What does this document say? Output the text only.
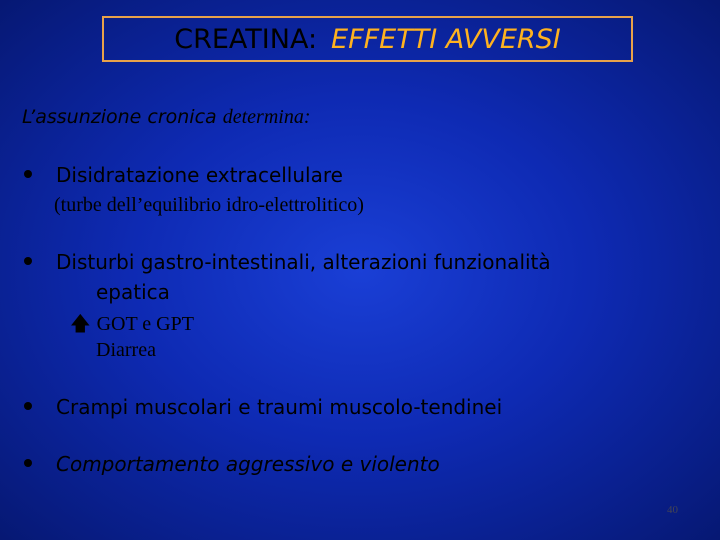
CREATINA: EFFETTI AVVERSI
L’assunzione cronica determina:
Disidratazione extracellulare
(turbe dell’equilibrio idro-elettrolitico)
Disturbi gastro-intestinali, alterazioni funzionalità
epatica
🡅 GOT e GPT
Diarrea
Crampi muscolari e traumi muscolo-tendinei
Comportamento aggressivo e violento
40
